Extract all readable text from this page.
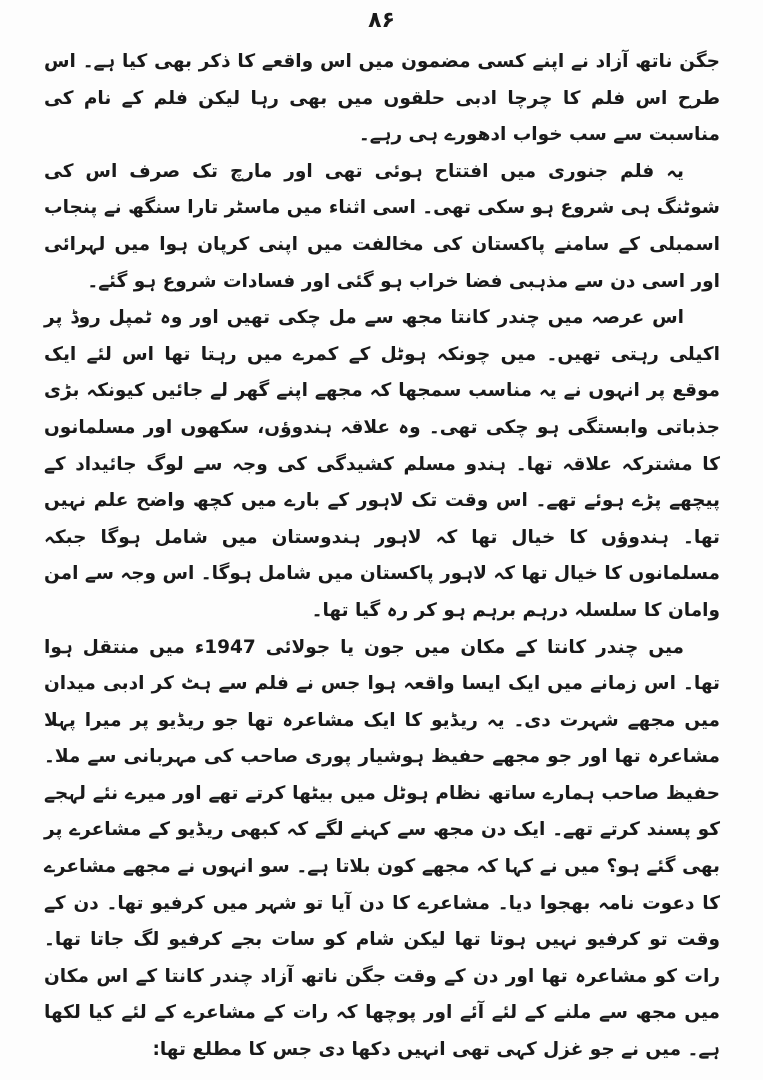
۸۶

جگن ناتھ آزاد نے اپنے کسی مضمون میں اس واقعے کا ذکر بھی کیا ہے۔ اس طرح اس فلم کا چرچا ادبی حلقوں میں بھی رہا لیکن فلم کے نام کی مناسبت سے سب خواب ادھورے ہی رہے۔

یہ فلم جنوری میں افتتاح ہوئی تھی اور مارچ تک صرف اس کی شوٹنگ ہی شروع ہو سکی تھی۔ اسی اثناء میں ماسٹر تارا سنگھ نے پنجاب اسمبلی کے سامنے پاکستان کی مخالفت میں اپنی کرپان ہوا میں لہرائی اور اسی دن سے مذہبی فضا خراب ہو گئی اور فسادات شروع ہو گئے۔

اس عرصہ میں چندر کانتا مجھ سے مل چکی تھیں اور وہ ٹمپل روڈ پر اکیلی رہتی تھیں۔ میں چونکہ ہوٹل کے کمرے میں رہتا تھا اس لئے ایک موقع پر انہوں نے یہ مناسب سمجھا کہ مجھے اپنے گھر لے جائیں کیونکہ بڑی جذباتی وابستگی ہو چکی تھی۔ وہ علاقہ ہندوؤں، سکھوں اور مسلمانوں کا مشترکہ علاقہ تھا۔ ہندو مسلم کشیدگی کی وجہ سے لوگ جائیداد کے پیچھے پڑے ہوئے تھے۔ اس وقت تک لاہور کے بارے میں کچھ واضح علم نہیں تھا۔ ہندوؤں کا خیال تھا کہ لاہور ہندوستان میں شامل ہوگا جبکہ مسلمانوں کا خیال تھا کہ لاہور پاکستان میں شامل ہوگا۔ اس وجہ سے امن وامان کا سلسلہ درہم برہم ہو کر رہ گیا تھا۔

میں چندر کانتا کے مکان میں جون یا جولائی 1947ء میں منتقل ہوا تھا۔ اس زمانے میں ایک ایسا واقعہ ہوا جس نے فلم سے ہٹ کر ادبی میدان میں مجھے شہرت دی۔ یہ ریڈیو کا ایک مشاعرہ تھا جو ریڈیو پر میرا پہلا مشاعرہ تھا اور جو مجھے حفیظ ہوشیار پوری صاحب کی مہربانی سے ملا۔ حفیظ صاحب ہمارے ساتھ نظام ہوٹل میں بیٹھا کرتے تھے اور میرے نئے لہجے کو پسند کرتے تھے۔ ایک دن مجھ سے کہنے لگے کہ کبھی ریڈیو کے مشاعرے پر بھی گئے ہو؟ میں نے کہا کہ مجھے کون بلاتا ہے۔ سو انہوں نے مجھے مشاعرے کا دعوت نامہ بھجوا دیا۔ مشاعرے کا دن آیا تو شہر میں کرفیو تھا۔ دن کے وقت تو کرفیو نہیں ہوتا تھا لیکن شام کو سات بجے کرفیو لگ جاتا تھا۔ رات کو مشاعرہ تھا اور دن کے وقت جگن ناتھ آزاد چندر کانتا کے اس مکان میں مجھ سے ملنے کے لئے آئے اور پوچھا کہ رات کے مشاعرے کے لئے کیا لکھا ہے۔ میں نے جو غزل کہی تھی انہیں دکھا دی جس کا مطلع تھا:
